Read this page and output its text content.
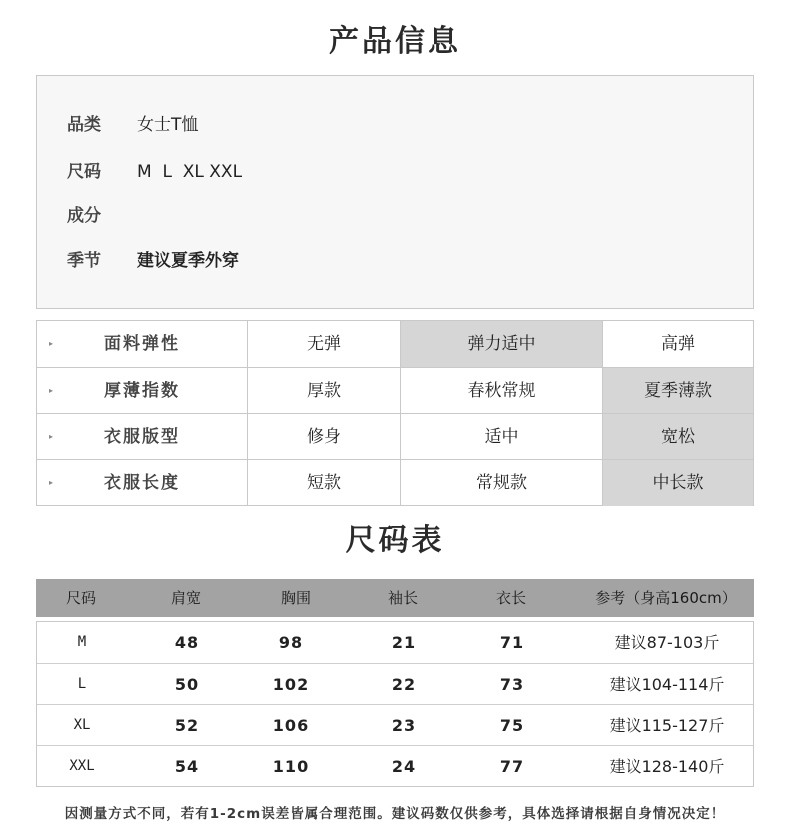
产品信息
品类 女士T恤
尺码 M  L  XL XXL
成分
季节 建议夏季外穿
▸	面料弹性	无弹	弹力适中	高弹
▸	厚薄指数	厚款	春秋常规	夏季薄款
▸	衣服版型	修身	适中	宽松
▸	衣服长度	短款	常规款	中长款
尺码表
尺码	肩宽	胸围	袖长	衣长	参考（身高160cm）
M	48	98	21	71	建议87-103斤
L	50	102	22	73	建议104-114斤
XL	52	106	23	75	建议115-127斤
XXL	54	110	24	77	建议128-140斤
因测量方式不同，若有1-2cm误差皆属合理范围。建议码数仅供参考，具体选择请根据自身情况决定！
